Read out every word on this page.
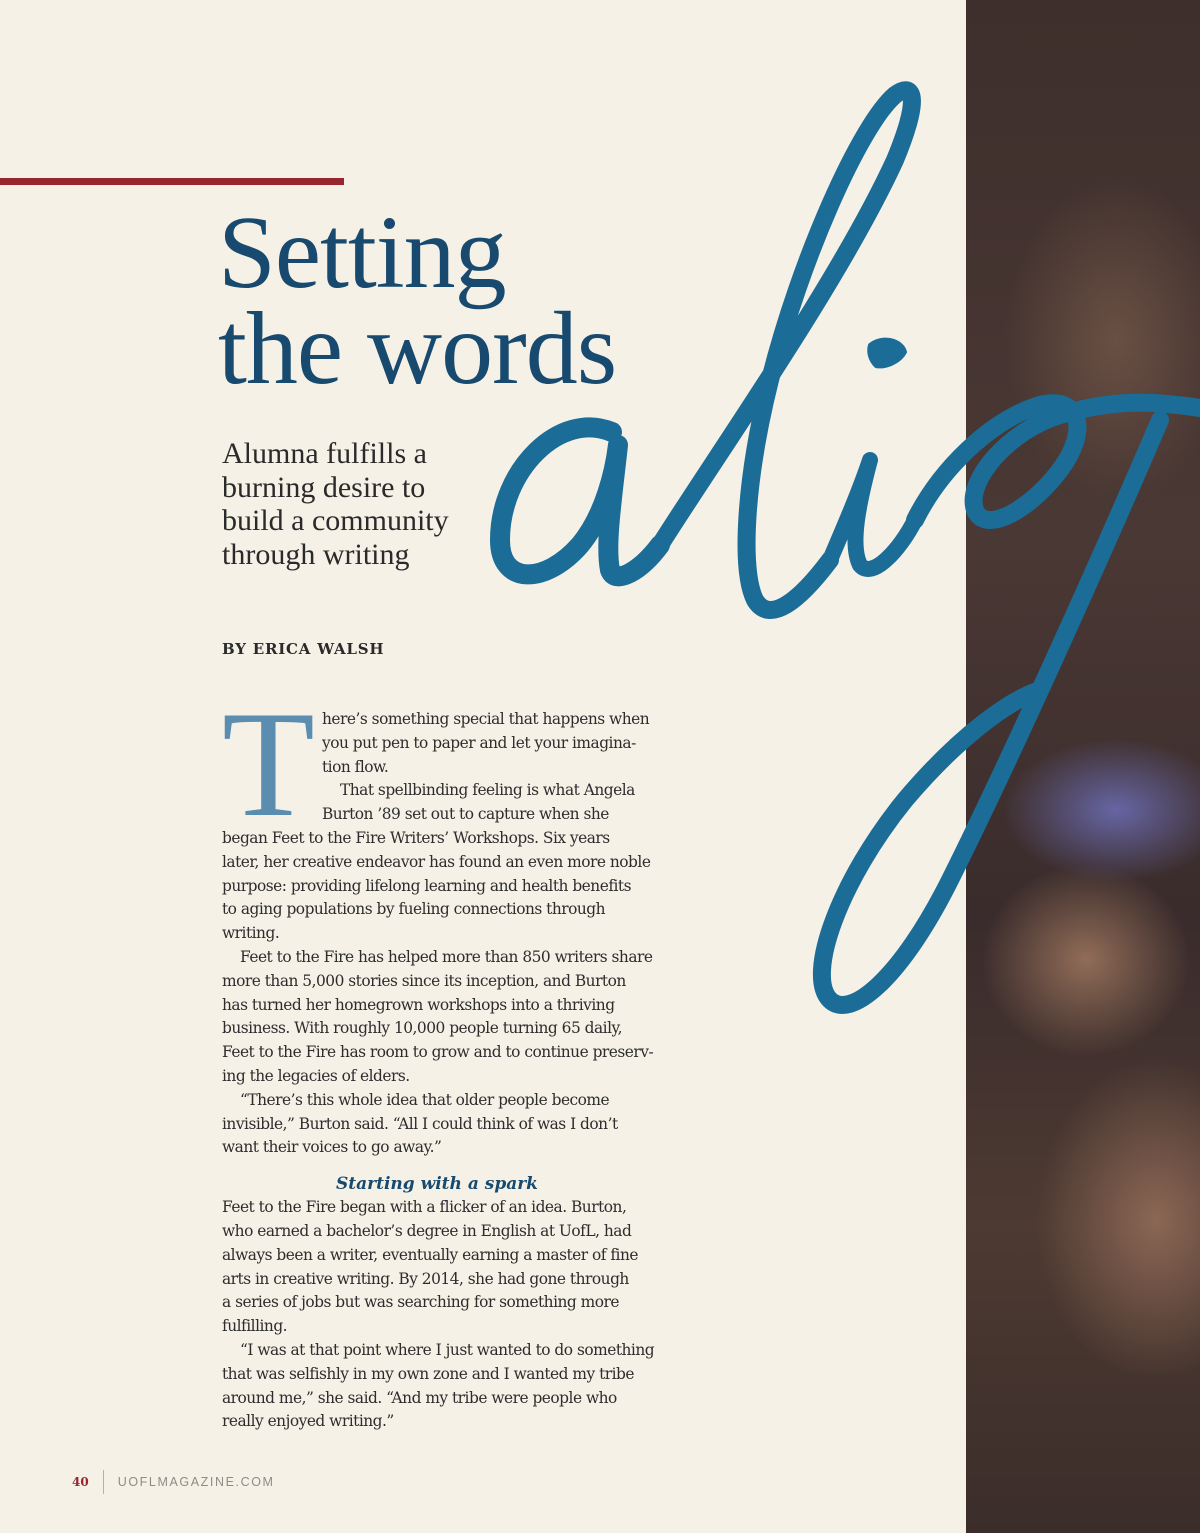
Setting
the words
Alumna fulfills a
burning desire to
build a community
through writing
BY ERICA WALSH
T here’s something special that happens when
you put pen to paper and let your imagina-
tion flow.
That spellbinding feeling is what Angela
Burton ’89 set out to capture when she
began Feet to the Fire Writers’ Workshops. Six years
later, her creative endeavor has found an even more noble
purpose: providing lifelong learning and health benefits
to aging populations by fueling connections through
writing.
Feet to the Fire has helped more than 850 writers share
more than 5,000 stories since its inception, and Burton
has turned her homegrown workshops into a thriving
business. With roughly 10,000 people turning 65 daily,
Feet to the Fire has room to grow and to continue preserv-
ing the legacies of elders.
“There’s this whole idea that older people become
invisible,” Burton said. “All I could think of was I don’t
want their voices to go away.”
Starting with a spark
Feet to the Fire began with a flicker of an idea. Burton,
who earned a bachelor’s degree in English at UofL, had
always been a writer, eventually earning a master of fine
arts in creative writing. By 2014, she had gone through
a series of jobs but was searching for something more
fulfilling.
“I was at that point where I just wanted to do something
that was selfishly in my own zone and I wanted my tribe
around me,” she said. “And my tribe were people who
really enjoyed writing.”
40 UOFLMAGAZINE.COM
